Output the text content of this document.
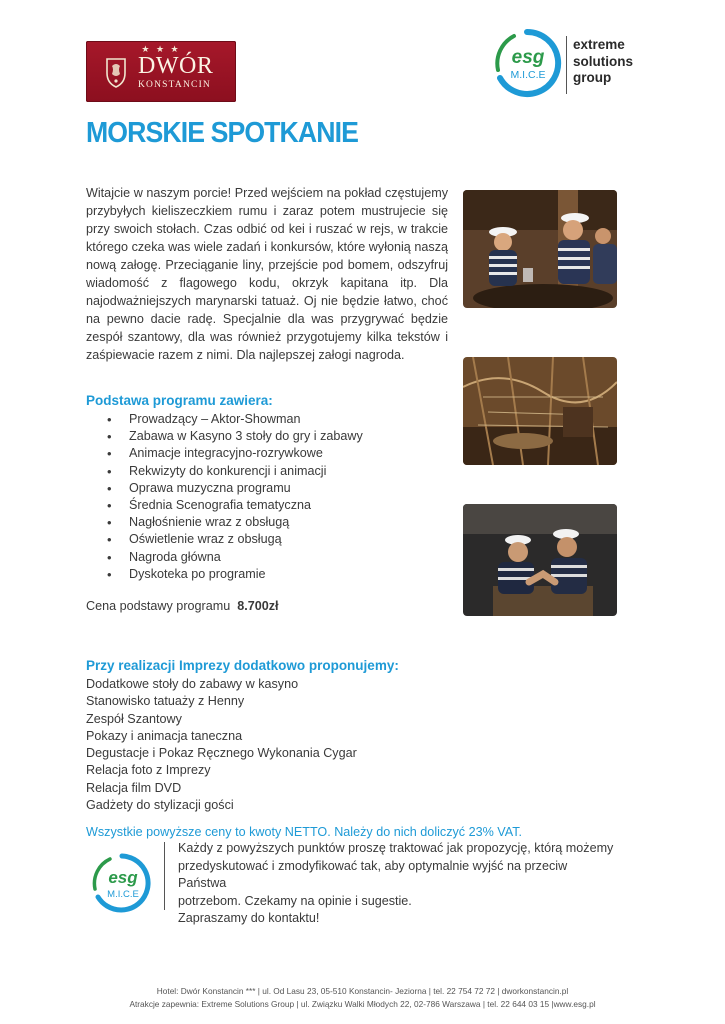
★ ★ ★
DWÓR
KONSTANCIN
esg
M.I.C.E
extreme
solutions
group
MORSKIE SPOTKANIE
Witajcie w naszym porcie! Przed wejściem na pokład częstujemy przybyłych kieliszeczkiem rumu i zaraz potem mustrujecie się przy swoich stołach. Czas odbić od kei i ruszać w rejs, w trakcie którego czeka was wiele zadań i konkursów, które wyłonią naszą nową załogę. Przeciąganie liny, przejście pod bomem, odszyfruj wiadomość z flagowego kodu, okrzyk kapitana itp. Dla najodważniejszych marynarski tatuaż. Oj nie będzie łatwo, choć na pewno dacie radę. Specjalnie dla was przygrywać będzie zespół szantowy, dla was również przygotujemy kilka tekstów i zaśpiewacie razem z nimi. Dla najlepszej załogi nagroda.
Podstawa programu zawiera:
• Prowadzący – Aktor-Showman
• Zabawa w Kasyno 3 stoły do gry i zabawy
• Animacje integracyjno-rozrywkowe
• Rekwizyty do konkurencji i animacji
• Oprawa muzyczna programu
• Średnia Scenografia tematyczna
• Nagłośnienie wraz z obsługą
• Oświetlenie wraz z obsługą
• Nagroda główna
• Dyskoteka po programie
Cena podstawy programu 8.700zł
Przy realizacji Imprezy dodatkowo proponujemy:
Dodatkowe stoły do zabawy w kasyno
Stanowisko tatuaży z Henny
Zespół Szantowy
Pokazy i animacja taneczna
Degustacje i Pokaz Ręcznego Wykonania Cygar
Relacja foto z Imprezy
Relacja film DVD
Gadżety do stylizacji gości
Wszystkie powyższe ceny to kwoty NETTO. Należy do nich doliczyć 23% VAT.
esg
M.I.C.E
Każdy z powyższych punktów proszę traktować jak propozycję, którą możemy
przedyskutować i zmodyfikować tak, aby optymalnie wyjść na przeciw Państwa
potrzebom. Czekamy na opinie i sugestie.
Zapraszamy do kontaktu!
Hotel: Dwór Konstancin *** | ul. Od Lasu 23, 05-510 Konstancin- Jeziorna | tel. 22 754 72 72 | dworkonstancin.pl
Atrakcje zapewnia: Extreme Solutions Group | ul. Związku Walki Młodych 22, 02-786 Warszawa | tel. 22 644 03 15 |www.esg.pl
